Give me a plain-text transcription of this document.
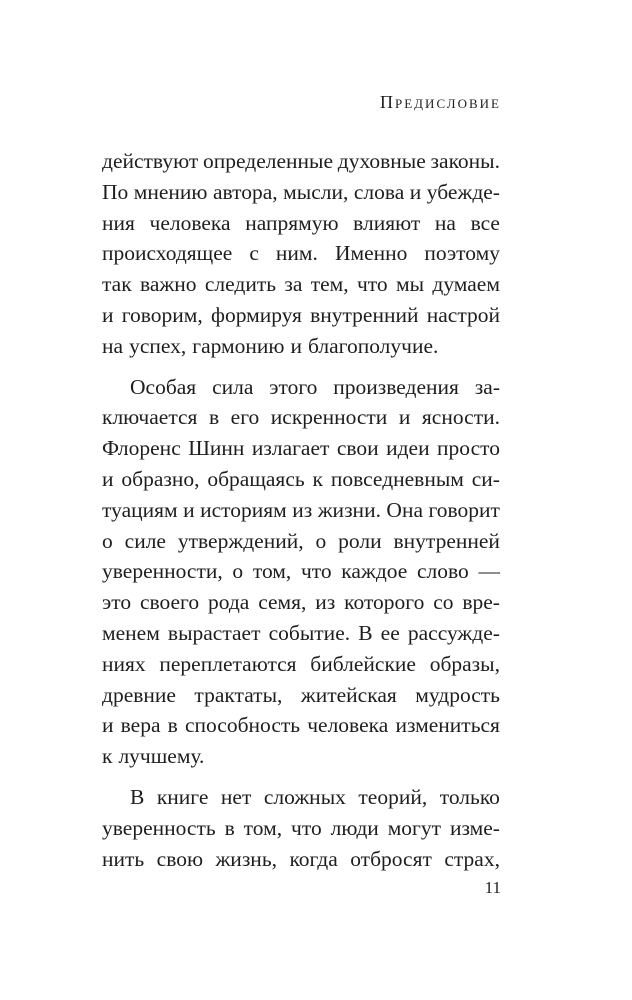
Предисловие
действуют определенные духовные законы.
По мнению автора, мысли, слова и убежде-
ния человека напрямую влияют на все
происходящее с ним. Именно поэтому
так важно следить за тем, что мы думаем
и говорим, формируя внутренний настрой
на успех, гармонию и благополучие.
Особая сила этого произведения за-
ключается в его искренности и ясности.
Флоренс Шинн излагает свои идеи просто
и образно, обращаясь к повседневным си-
туациям и историям из жизни. Она говорит
о силе утверждений, о роли внутренней
уверенности, о том, что каждое слово —
это своего рода семя, из которого со вре-
менем вырастает событие. В ее рассужде-
ниях переплетаются библейские образы,
древние трактаты, житейская мудрость
и вера в способность человека измениться
к лучшему.
В книге нет сложных теорий, только
уверенность в том, что люди могут изме-
нить свою жизнь, когда отбросят страх,
11
